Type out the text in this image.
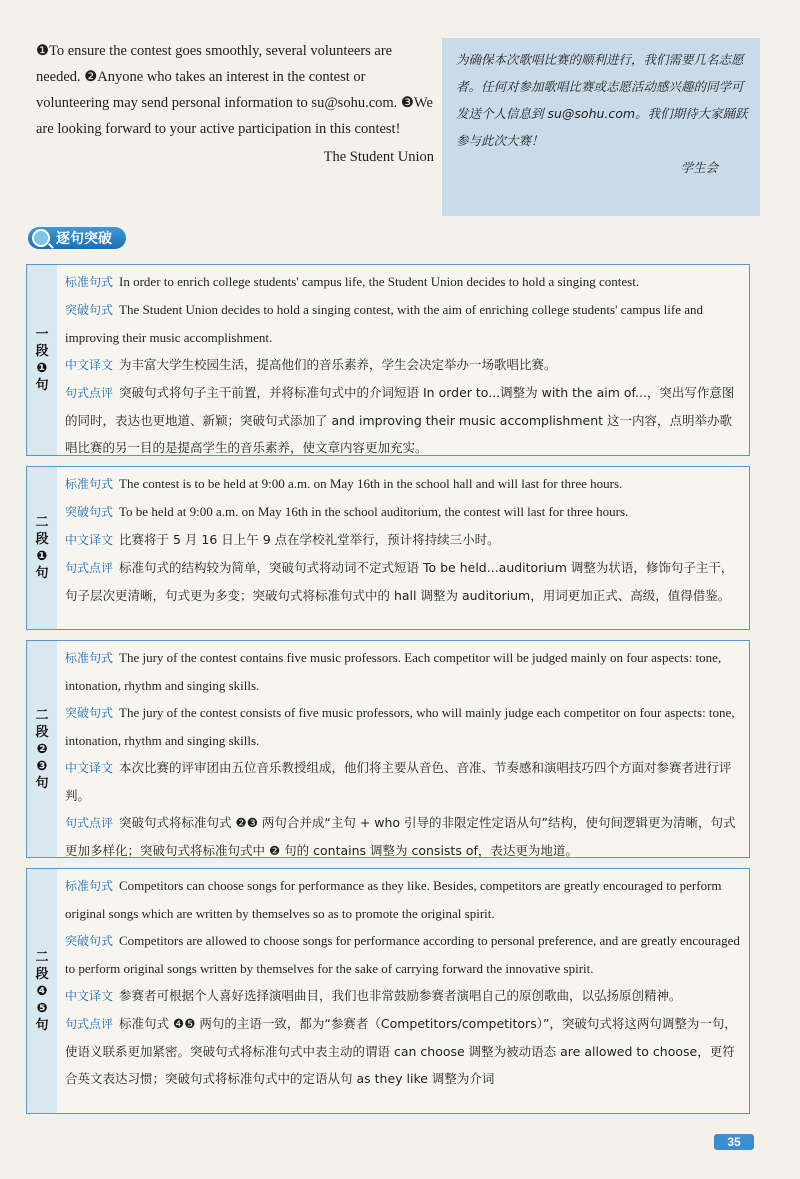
❶To ensure the contest goes smoothly, several volunteers are needed. ❷Anyone who takes an interest in the contest or volunteering may send personal information to su@sohu.com. ❸We are looking forward to your active participation in this contest!
The Student Union
为确保本次歌唱比赛的顺利进行，我们需要几名志愿者。任何对参加歌唱比赛或志愿活动感兴趣的同学可发送个人信息到 su@sohu.com。我们期待大家踊跃参与此次大赛！
学生会
逐句突破
一
段
❶
句
标准句式 In order to enrich college students' campus life, the Student Union decides to hold a singing contest.
突破句式 The Student Union decides to hold a singing contest, with the aim of enriching college students' campus life and improving their music accomplishment.
中文译文 为丰富大学生校园生活，提高他们的音乐素养，学生会决定举办一场歌唱比赛。
句式点评 突破句式将句子主干前置，并将标准句式中的介词短语 In order to...调整为 with the aim of...，突出写作意图的同时，表达也更地道、新颖；突破句式添加了 and improving their music accomplishment 这一内容，点明举办歌唱比赛的另一目的是提高学生的音乐素养，使文章内容更加充实。
二
段
❶
句
标准句式 The contest is to be held at 9:00 a.m. on May 16th in the school hall and will last for three hours.
突破句式 To be held at 9:00 a.m. on May 16th in the school auditorium, the contest will last for three hours.
中文译文 比赛将于 5 月 16 日上午 9 点在学校礼堂举行，预计将持续三小时。
句式点评 标准句式的结构较为简单，突破句式将动词不定式短语 To be held...auditorium 调整为状语，修饰句子主干，句子层次更清晰，句式更为多变；突破句式将标准句式中的 hall 调整为 auditorium，用词更加正式、高级，值得借鉴。
二
段
❷
❸
句
标准句式 The jury of the contest contains five music professors. Each competitor will be judged mainly on four aspects: tone, intonation, rhythm and singing skills.
突破句式 The jury of the contest consists of five music professors, who will mainly judge each competitor on four aspects: tone, intonation, rhythm and singing skills.
中文译文 本次比赛的评审团由五位音乐教授组成，他们将主要从音色、音准、节奏感和演唱技巧四个方面对参赛者进行评判。
句式点评 突破句式将标准句式 ❷❸ 两句合并成“主句 + who 引导的非限定性定语从句”结构，使句间逻辑更为清晰，句式更加多样化；突破句式将标准句式中 ❷ 句的 contains 调整为 consists of，表达更为地道。
二
段
❹
❺
句
标准句式 Competitors can choose songs for performance as they like. Besides, competitors are greatly encouraged to perform original songs which are written by themselves so as to promote the original spirit.
突破句式 Competitors are allowed to choose songs for performance according to personal preference, and are greatly encouraged to perform original songs written by themselves for the sake of carrying forward the innovative spirit.
中文译文 参赛者可根据个人喜好选择演唱曲目，我们也非常鼓励参赛者演唱自己的原创歌曲，以弘扬原创精神。
句式点评 标准句式 ❹❺ 两句的主语一致，都为“参赛者（Competitors/competitors）”，突破句式将这两句调整为一句，使语义联系更加紧密。突破句式将标准句式中表主动的谓语 can choose 调整为被动语态 are allowed to choose，更符合英文表达习惯；突破句式将标准句式中的定语从句 as they like 调整为介词
35
